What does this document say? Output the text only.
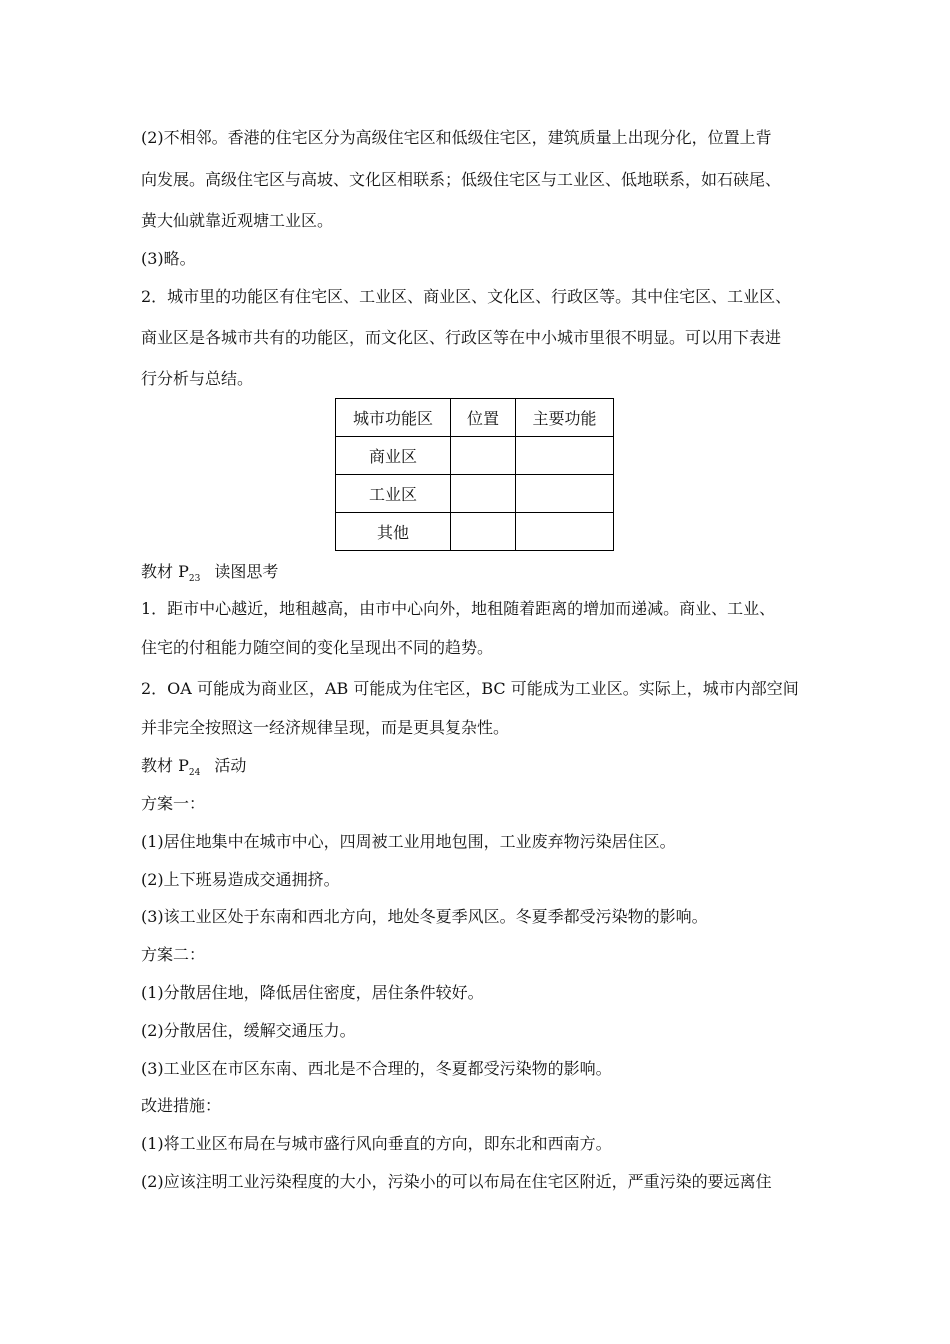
(2)不相邻。香港的住宅区分为高级住宅区和低级住宅区，建筑质量上出现分化，位置上背
向发展。高级住宅区与高坡、文化区相联系；低级住宅区与工业区、低地联系，如石硖尾、
黄大仙就靠近观塘工业区。
(3)略。
2．城市里的功能区有住宅区、工业区、商业区、文化区、行政区等。其中住宅区、工业区、
商业区是各城市共有的功能区，而文化区、行政区等在中小城市里很不明显。可以用下表进
行分析与总结。
城市功能区	位置	主要功能
商业区		
工业区		
其他		
教材 $P_{23}$ 读图思考
1．距市中心越近，地租越高，由市中心向外，地租随着距离的增加而递减。商业、工业、
住宅的付租能力随空间的变化呈现出不同的趋势。
2．OA 可能成为商业区，AB 可能成为住宅区，BC 可能成为工业区。实际上，城市内部空间
并非完全按照这一经济规律呈现，而是更具复杂性。
教材 $P_{24}$ 活动
方案一：
(1)居住地集中在城市中心，四周被工业用地包围，工业废弃物污染居住区。
(2)上下班易造成交通拥挤。
(3)该工业区处于东南和西北方向，地处冬夏季风区。冬夏季都受污染物的影响。
方案二：
(1)分散居住地，降低居住密度，居住条件较好。
(2)分散居住，缓解交通压力。
(3)工业区在市区东南、西北是不合理的，冬夏都受污染物的影响。
改进措施：
(1)将工业区布局在与城市盛行风向垂直的方向，即东北和西南方。
(2)应该注明工业污染程度的大小，污染小的可以布局在住宅区附近，严重污染的要远离住
